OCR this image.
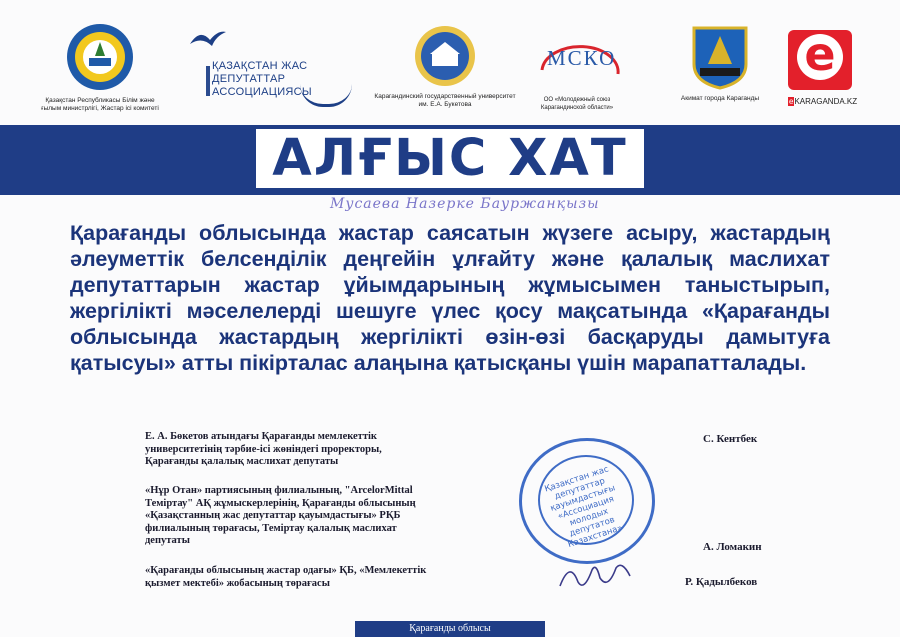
Қазақстан Республикасы Білім және ғылым министрлігі, Жастар ісі комитеті
ҚАЗАҚСТАН ЖАС ДЕПУТАТТАР АССОЦИАЦИЯСЫ	Карагандинский государственный университет им. Е.А. Букетова
МСКО
ОО «Молодежный союз Карагандинской области»
Акимат города Караганды
e
eKARAGANDA.KZ
АЛҒЫС ХАТ
Мусаева Назерке Бауржанқызы
Қарағанды облысында жастар саясатын жүзеге асыру, жастардың әлеуметтік белсенділік деңгейін ұлғайту және қалалық маслихат депутаттарын жастар ұйымдарының жұмысымен таныстырып, жергілікті мәселелерді шешуге үлес қосу мақсатында «Қарағанды облысында жастардың жергілікті өзін-өзі басқаруды дамытуға қатысуы» атты пікірталас алаңына қатысқаны үшін марапатталады.
Е. А. Бөкетов атындағы Қарағанды мемлекеттік университетінің тәрбие-ісі жөніндегі проректоры, Қарағанды қалалық маслихат депутаты
С. Кентбек
«Нұр Отан» партиясының филиалының, "ArcelorMittal Теміртау" АҚ жұмыскерлерінің, Қарағанды облысының «Қазақстанның жас депутаттар қауымдастығы» РҚБ филиалының төрағасы, Теміртау қалалық маслихат депутаты
А. Ломакин
«Қарағанды облысының жастар одағы» ҚБ, «Мемлекеттік қызмет мектебі» жобасының төрағасы	Р. Қадылбеков
Қазақстан жас депутаттар қауымдастығы «Ассоциация молодых депутатов Казахстана»
Қарағанды облысы
